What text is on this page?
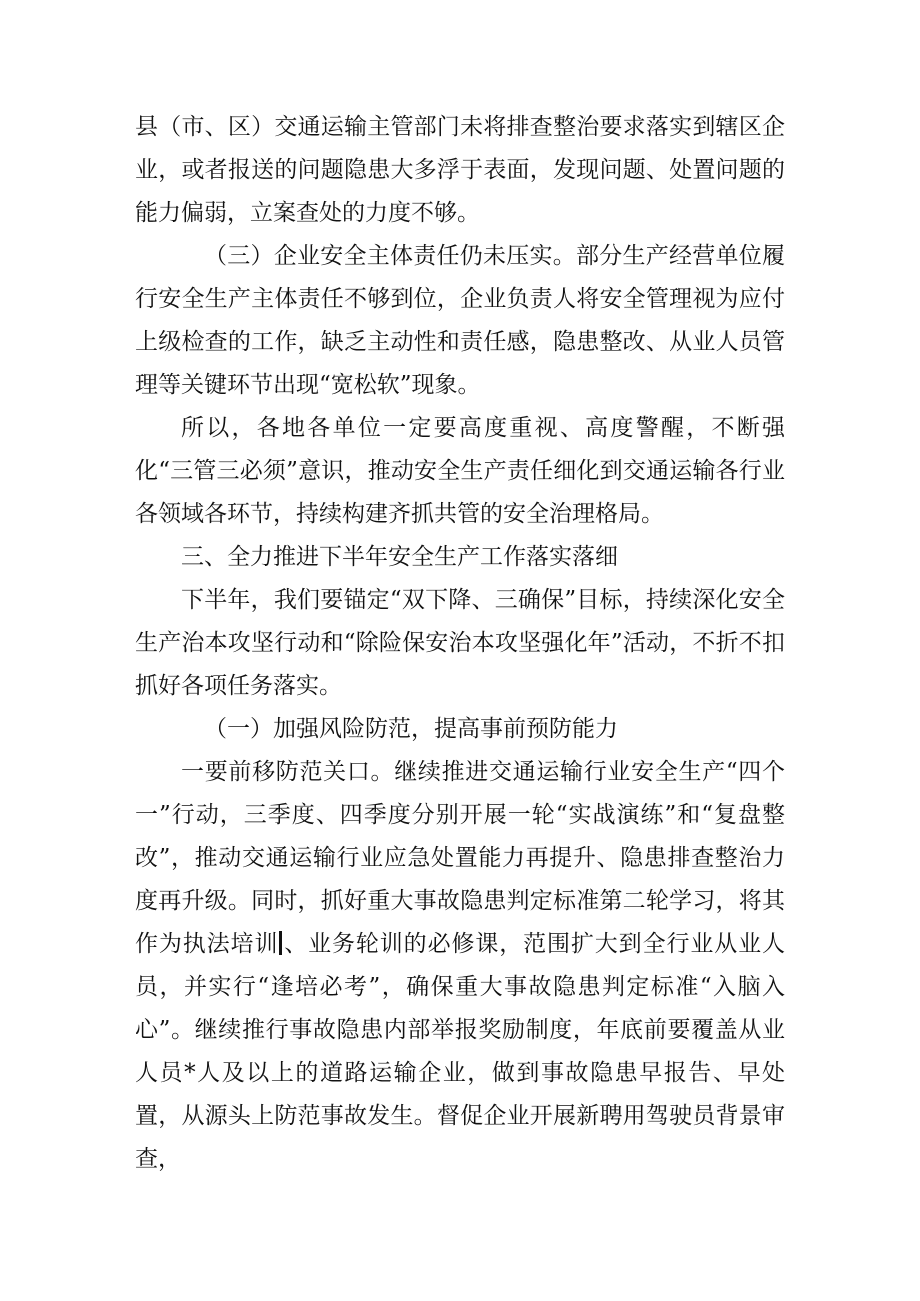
县（市、区）交通运输主管部门未将排查整治要求落实到辖区企业，或者报送的问题隐患大多浮于表面，发现问题、处置问题的能力偏弱，立案查处的力度不够。

（三）企业安全主体责任仍未压实。部分生产经营单位履行安全生产主体责任不够到位，企业负责人将安全管理视为应付上级检查的工作，缺乏主动性和责任感，隐患整改、从业人员管理等关键环节出现“宽松软”现象。

所以，各地各单位一定要高度重视、高度警醒，不断强化“三管三必须”意识，推动安全生产责任细化到交通运输各行业各领域各环节，持续构建齐抓共管的安全治理格局。

三、全力推进下半年安全生产工作落实落细

下半年，我们要锚定“双下降、三确保”目标，持续深化安全生产治本攻坚行动和“除险保安治本攻坚强化年”活动，不折不扣抓好各项任务落实。

（一）加强风险防范，提高事前预防能力

一要前移防范关口。继续推进交通运输行业安全生产“四个一”行动，三季度、四季度分别开展一轮“实战演练”和“复盘整改”，推动交通运输行业应急处置能力再提升、隐患排查整治力度再升级。同时，抓好重大事故隐患判定标准第二轮学习，将其作为执法培训 、业务轮训的必修课，范围扩大到全行业从业人员，并实行“逢培必考”，确保重大事故隐患判定标准“入脑入心”。继续推行事故隐患内部举报奖励制度，年底前要覆盖从业人员*人及以上的道路运输企业，做到事故隐患早报告、早处置，从源头上防范事故发生。督促企业开展新聘用驾驶员背景审查，
